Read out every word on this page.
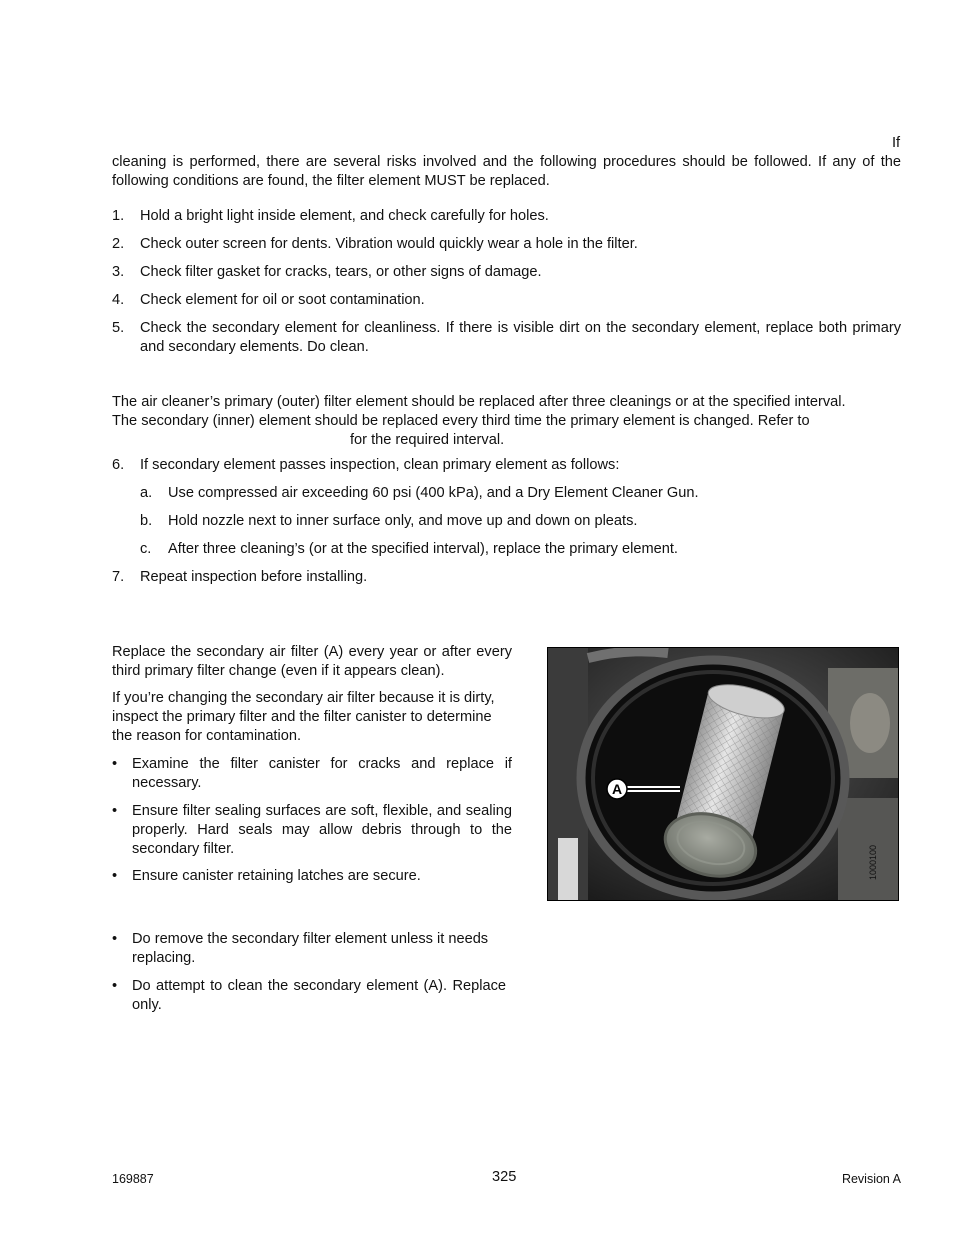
If
cleaning is performed, there are several risks involved and the following procedures should be followed. If any of the following conditions are found, the filter element MUST be replaced.
1. Hold a bright light inside element, and check carefully for holes.
2. Check outer screen for dents. Vibration would quickly wear a hole in the filter.
3. Check filter gasket for cracks, tears, or other signs of damage.
4. Check element for oil or soot contamination.
5. Check the secondary element for cleanliness. If there is visible dirt on the secondary element, replace both primary and secondary elements. Do clean.
The air cleaner’s primary (outer) filter element should be replaced after three cleanings or at the specified interval.
The secondary (inner) element should be replaced every third time the primary element is changed. Refer to
for the required interval.
6. If secondary element passes inspection, clean primary element as follows:
a. Use compressed air exceeding 60 psi (400 kPa), and a Dry Element Cleaner Gun.
b. Hold nozzle next to inner surface only, and move up and down on pleats.
c. After three cleaning’s (or at the specified interval), replace the primary element.
7. Repeat inspection before installing.
Replace the secondary air filter (A) every year or after every third primary filter change (even if it appears clean).
If you’re changing the secondary air filter because it is dirty, inspect the primary filter and the filter canister to determine the reason for contamination.
• Examine the filter canister for cracks and replace if necessary.
• Ensure filter sealing surfaces are soft, flexible, and sealing properly. Hard seals may allow debris through to the secondary filter.
• Ensure canister retaining latches are secure.
• Do remove the secondary filter element unless it needs replacing.
• Do attempt to clean the secondary element (A). Replace only.
A
1000100
169887	325	Revision A
